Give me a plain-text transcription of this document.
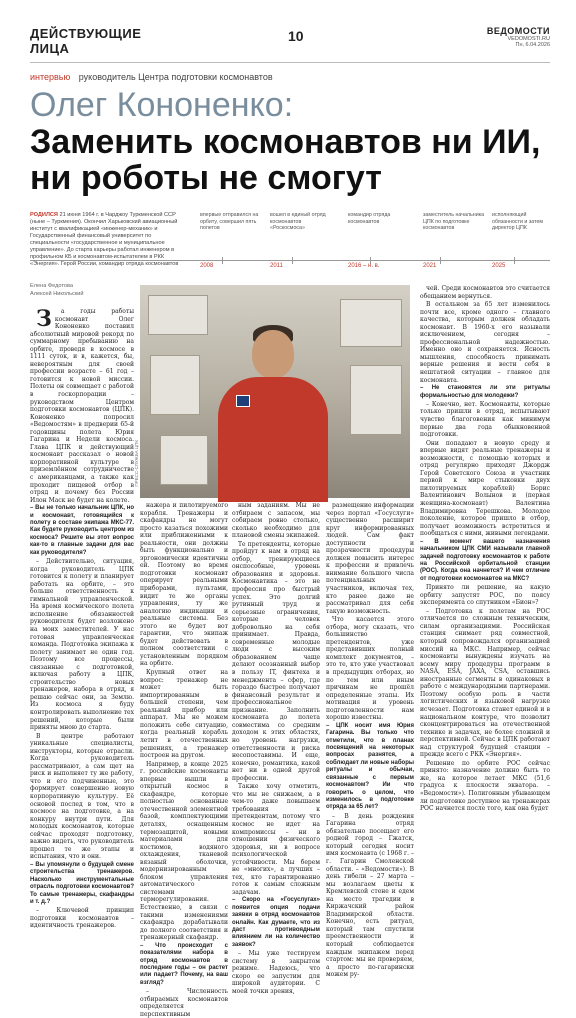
ДЕЙСТВУЮЩИЕ ЛИЦА
10	ВЕДОМОСТИ
VEDOMOSTI.RU
Пн, 6.04.2026
интервью руководитель Центра подготовки космонавтов
Олег Кононенко:
Заменить космонавтов ни ИИ, ни роботы не смогут
РОДИЛСЯ 21 июня 1964 г. в Чарджоу Туркменской ССР (ныне – Туркмения). Окончил Харьковский авиационный институт с квалификацией «инженер-механик» и Государственный финансовый университет по специальности «государственное и муниципальное управление». До старта карьеры работал инженером в профильном КБ и космонавтом-испытателем в РКК «Энергия». Герой России, командир отряда космонавтов
впервые отправился на орбиту, совершил пять полетов
вошел в единый отряд космонавтов «Роскосмоса»
командир отряда космонавтов
заместитель начальника ЦПК по подготовке космонавтов
исполняющий обязанности и затем директор ЦПК
2008	2011	2016 – н. в.	2021	2025
Елена Федотова
Алексей Никольский
ПРЕСС-СЛУЖБА ЦПК

З а годы работы космонавт Олег Кононенко поставил абсолютный мировой рекорд по суммарному пребыванию на орбите, проведя в космосе в 1111 суток, и в, кажется, бы, невероятным для своей профессии возрасте – 61 год – готовится к новой миссии. Полеты он совмещает с работой в госкорпорации – руководством Центром подготовки космонавтов (ЦПК). Кононенко попросил «Ведомостям» в предверии 65-й годовщины полета Юрия Гагарина и Недели космоса. Глава ЦПК и действующий космонавт рассказал о новой корпоративной культуре в приземлённом сотрудничестве с американцами, а также как проходит пищевой отбор в отряд и почему без России Илон Маск не будет на колете.

– Вы не только начальник ЦПК, но и космонавт, готовящийся к полету в составе экипажа МКС-77. Как будете руководить центром из космоса? Решите вы этот вопрос как-то в главные задачи для вас как руководителя?

– Действительно, ситуация, когда руководитель ЦПК готовится к полету и планирует работать на орбите, – это больше ответственность к гимнальной управленческой. На время космического полета исполнение обязанностей руководителя будет возложено на моих заместителей. У нас готовая управленческая команда. Подготовка экипажа к полету занимает не один год. Поэтому все процессы, связанные с подготовкой, включая работу в ЦПК, строительство новых тренажеров, набора в отряд, я решаю сейчас они, за Землю. Из космоса я буду контролировать выполнение тех решений, которые были приняты мною до старта.

В центре работают уникальные специалисты, инструкторы, которые отрасли. Когда руководитель рассматривают, а сам щет на риск и выполняет ту же работу, что и его подчиненные, это формирует совершенно новую корпоративную культуру. Её основой послед в том, что в космосе на подготовке, а на конкуру внутри пути. Для молодых космонавтов, которые сейчас проходят подготовку, важно видеть, что руководитель прошел те же этапы и испытания, что и они.

– Вы упомянули о будущей смене строительства тренажеров. Насколько инструментальные отрасль подготовки космонавтов? То самые тренажеры, скафандры и т. д.?

– Ключевой принцип подготовки космонавтов – идентичность тренажеров.

нажера и пилотируемого корабля. Тренажеры и скафандры не могут просто казаться похожими или приближенными к реальности, они должны быть функционально и эргономически идентичны ей. Поэтому во время подготовки космонавт оперирует реальными приборами, пультами, видит те же органы управления, ту же аналогию индикации и реальные системы. Без этого не будет вот гарантии, что экипаж будет действовать в полном соответствии с установленным порядком на орбите.

Крупный ответ на вопрос: тренажер не может быть импортированным в большей степени, чем реальный прибор или аппарат. Мы не можем положить себе ситуацию, когда реальный корабль летит в отечественных решениях, а тренажер построен на другом.

Например, в конце 2025 г. российские космонавты впервые вышли в открытый космос в скафандре, которые полностью основанные отечественной элементной базой, комплектующими деталях, оснащенным термозащитой, новыми материалами для костюмов, водяного охлаждения, тканевой вязаный оболочки, модернизированным блоком управления автоматического системами терморегулирования. Естественно, в связи с такими изменениями скафандра дорабатывали до полного соответствия и тренажерный скафандр.

– Что происходит с показателями набора в отряд космонавтов в последние годы – он растет или падает? Почему, на ваш взгляд?

– Численность отбираемых космонавтов определяется перспективным

ным заданиям. Мы не отбираем с запасом, мы собираем ровно столько, сколько необходимо для плановой смены экипажей.

Те претенденты, которые пройдут к нам в отряд на отбор, тренирующиеся онспособные, уровень образования и здоровья. Космонавтика – это не профессия про быстрый успех. Это долгий рутинный труд и серьезные ограничения, которые человек добровольно на себя принимает. Правда, современные молодые люди с высоким образованием чаще делают осознанный выбор в пользу IT, финтеха и менеджмента – сфер, где гораздо быстрее получают финансовый результат и профессиональное признание. Заполнить космонавта до полета совместима со средним доходом к этих областях, но уровень нагрузки, ответственности и риска несопоставимы. И еще, конечно, романтика, какой нет ни в одной другой профессии.

Также хочу отметить, что мы не снижаем, а в чем-то даже повышаем требования к претендентам, потому что космос не идет на компромиссы – ни в отношении физического здоровья, ни в вопросе психологической устойчивости. Мы берем не «многих», а лучших – тех, кто гарантированно готов к самым сложным задачам.

– Скоро на «Госуслугах» появится опция подачи заявки в отряд космонавтов онлайн. Как думаете, что из даст противоядным влиянием ли на количество заявок?

– Мы уже тестируем систему в закрытом режиме. Надеюсь, что скоро ее запустим для широкой аудитории. С моей точки зрения,

размещение информации через портал «Госуслуги» существенно расширит круг информированных людей. Сам факт доступности и прозрачности процедуры должен повысить интерес к профессии и привлечь внимание большого числа потенциальных участников, включая тех, кто ранее даже не рассматривал для себя такую возможность.

Что касается этого отбора, могу сказать, что большинство претендентов, уже представивших полный комплект документов, – это те, кто уже участвовал в предыдущих отборах, но по тем или иным причинам не прошёл определенные этапы. Их мотивация и уровень подготовленности нам хорошо известны.

– ЦПК носит имя Юрия Гагарина. Вы только что отметили, что в планах посвящений на некоторых вопросах разнятся, а соблюдает ли новые наборы ритуалы и обычаи, связанные с первым космонавтом? Ии что говорить о целом, что изменилось в подготовке отряда за 65 лет?

– В день рождения Гагарина отряд обязательно посещает его родной город – Гжатск, который сегодня носит имя космонавта (с 1968 г. – г. Гагарин Смоленской области. – «Ведомости»). В день гибели – 27 марта – мы возлагаем цветы к Кремлевской стене и едем на место трагедии в Киржачский район Владимирской области. Конечно, есть ритуал, который там спустили преемственности и который соблюдается каждым экипажем перед стартом: мы не проверяем, а просто по-гагарински можем ру-

чей. Среди космонавтов это считается обещанием вернуться.

В остальном за 65 лет изменилось почти все, кроме одного – главного качества, которым должен обладать космонавт. В 1960-х его называли исключением, сегодня – профессиональной надежностью. Именно оно и сохраняется. Ясность мышления, способность принимать верные решения и вести себя в нештатной ситуации – главное для космонавта.

– Не становятся ли эти ритуалы формальностью для молодежи?

– Конечно, нет. Космонавты, которые только пришли в отряд, испытывают чувство благоговения как минимум первые два года обыкновенной подготовки.

Они попадают в новую среду и впервые видят реальные тренажеры и возможности, с помощью которых и отряд регулярно приходят Джордж Герой Советского Союза и участник первой к мире стыковки двух пилотируемых кораблей) Борис Валентинович Волынов и (первая женщина-космонавт) Валентина Владимировна Терешкова. Молодое поколение, которое пришло в отбор, получает возможность встретиться и пообщаться с ними, живыми легендами.

– В момент вашего назначения начальником ЦПК СМИ называли главной задачей подготовку космонавтов к работе на Российской орбитальной станции (РОС). Когда она начнется? И чем отличие от подготовки космонавтов на МКС?

Принято ли решение, на какую орбиту запустят РОС, по поясу эксперимента со спутником «Бион»?

– Подготовка к полетам на РОС отличается по сложным техническим, силам организациями. Российская станция снимает ряд совместной, который сопровождался организацией миссий на МКС. Например, сейчас космонавты вынуждены изучать на всему миру процедуры программ в NASA, ESA, JAXA, CSA, оставшись иностранные сегменты в одинаковых в работе с международными партнерами. Поэтому особую роль в части логистических и языковой нагрузке исчезает. Подготовка станет единой и в национальном контуре, что позволит сконцентрироваться на отечественной технике и задачах, не более сложной и перспективной. Сейчас в ЦПК работают над структурой будущей станции – прежде всего с РКК «Энергия».

Решение по орбите РОС сейчас принято: назначение должно быть то же, на которое летает МКС (51,6 градуса к плоскости экватора. – «Ведомости»). Полигонным убывающем ли подготовке доступное на тренажерах РОС начнется после того, как она будет
